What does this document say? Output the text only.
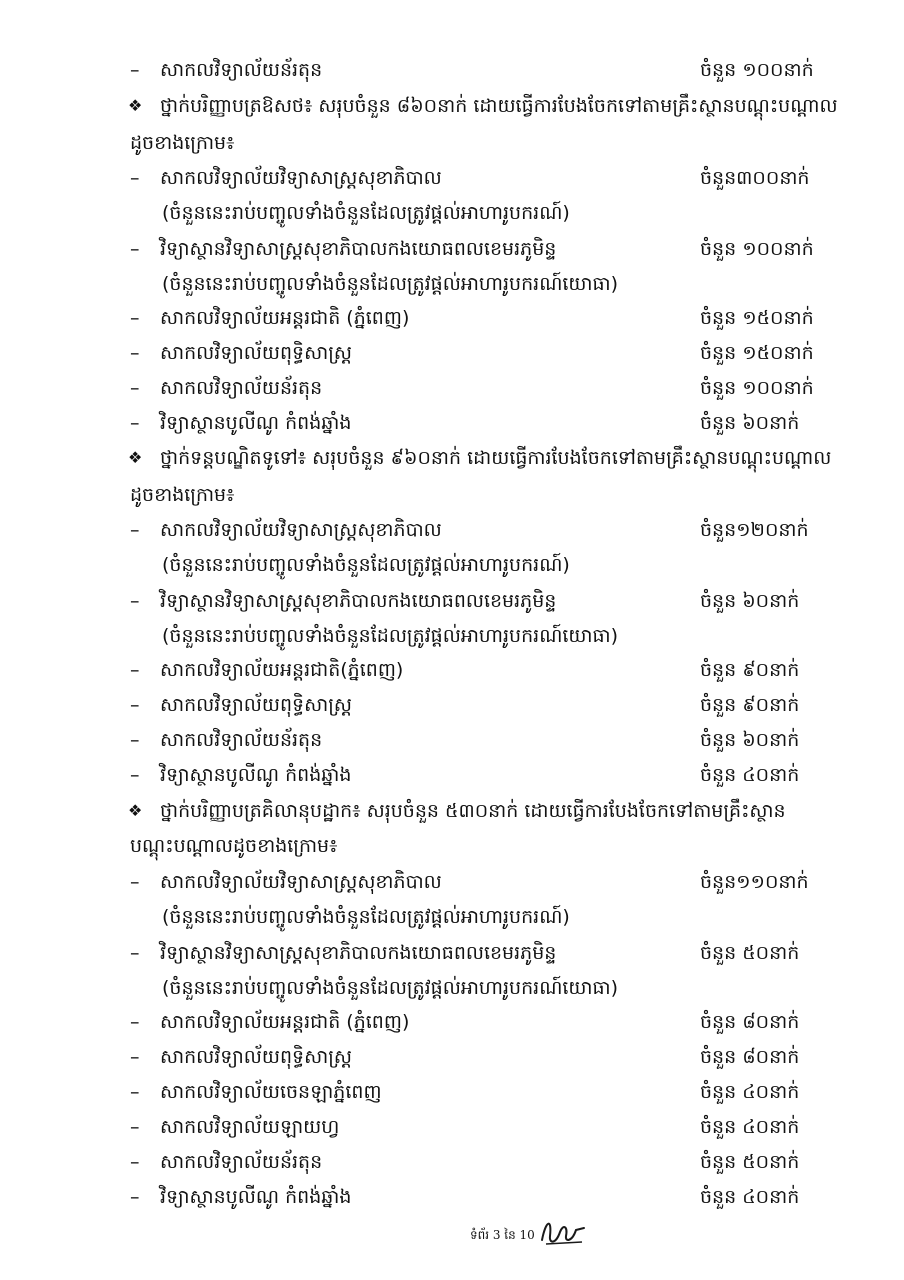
– សាកលវិទ្យាល័យន័រតុន	ចំនួន ១០០នាក់
❖ ថ្នាក់បរិញ្ញាបត្រឱសថ៖ សរុបចំនួន ៨៦០នាក់ ដោយធ្វើការបែងចែកទៅតាមគ្រឹះស្ថានបណ្តុះបណ្តាល
ដូចខាងក្រោម៖
– សាកលវិទ្យាល័យវិទ្យាសាស្ត្រសុខាភិបាល	ចំនួន៣០០នាក់
(ចំនួននេះរាប់បញ្ចូលទាំងចំនួនដែលត្រូវផ្តល់អាហារូបករណ៍)
– វិទ្យាស្ថានវិទ្យាសាស្ត្រសុខាភិបាលកងយោធពលខេមរភូមិន្ទ	ចំនួន ១០០នាក់
(ចំនួននេះរាប់បញ្ចូលទាំងចំនួនដែលត្រូវផ្តល់អាហារូបករណ៍យោធា)
– សាកលវិទ្យាល័យអន្តរជាតិ (ភ្នំពេញ)	ចំនួន ១៥០នាក់
– សាកលវិទ្យាល័យពុទ្ធិសាស្ត្រ	ចំនួន ១៥០នាក់
– សាកលវិទ្យាល័យន័រតុន	ចំនួន ១០០នាក់
– វិទ្យាស្ថានបូលីណូ កំពង់ឆ្នាំង	ចំនួន ៦០នាក់
❖ ថ្នាក់ទន្តបណ្ឌិតទូទៅ៖ សរុបចំនួន ៩៦០នាក់ ដោយធ្វើការបែងចែកទៅតាមគ្រឹះស្ថានបណ្តុះបណ្តាល
ដូចខាងក្រោម៖
– សាកលវិទ្យាល័យវិទ្យាសាស្ត្រសុខាភិបាល	ចំនួន១២០នាក់
(ចំនួននេះរាប់បញ្ចូលទាំងចំនួនដែលត្រូវផ្តល់អាហារូបករណ៍)
– វិទ្យាស្ថានវិទ្យាសាស្ត្រសុខាភិបាលកងយោធពលខេមរភូមិន្ទ	ចំនួន ៦០នាក់
(ចំនួននេះរាប់បញ្ចូលទាំងចំនួនដែលត្រូវផ្តល់អាហារូបករណ៍យោធា)
– សាកលវិទ្យាល័យអន្តរជាតិ(ភ្នំពេញ)	ចំនួន ៩០នាក់
– សាកលវិទ្យាល័យពុទ្ធិសាស្ត្រ	ចំនួន ៩០នាក់
– សាកលវិទ្យាល័យន័រតុន	ចំនួន ៦០នាក់
– វិទ្យាស្ថានបូលីណូ កំពង់ឆ្នាំង	ចំនួន ៤០នាក់
❖ ថ្នាក់បរិញ្ញាបត្រគិលានុបដ្ឋាក៖ សរុបចំនួន ៥៣០នាក់ ដោយធ្វើការបែងចែកទៅតាមគ្រឹះស្ថាន
បណ្តុះបណ្តាលដូចខាងក្រោម៖
– សាកលវិទ្យាល័យវិទ្យាសាស្ត្រសុខាភិបាល	ចំនួន១១០នាក់
(ចំនួននេះរាប់បញ្ចូលទាំងចំនួនដែលត្រូវផ្តល់អាហារូបករណ៍)
– វិទ្យាស្ថានវិទ្យាសាស្ត្រសុខាភិបាលកងយោធពលខេមរភូមិន្ទ	ចំនួន ៥០នាក់
(ចំនួននេះរាប់បញ្ចូលទាំងចំនួនដែលត្រូវផ្តល់អាហារូបករណ៍យោធា)
– សាកលវិទ្យាល័យអន្តរជាតិ (ភ្នំពេញ)	ចំនួន ៨០នាក់
– សាកលវិទ្យាល័យពុទ្ធិសាស្ត្រ	ចំនួន ៨០នាក់
– សាកលវិទ្យាល័យចេនឡាភ្នំពេញ	ចំនួន ៤០នាក់
– សាកលវិទ្យាល័យឡាយហ្វ	ចំនួន ៤០នាក់
– សាកលវិទ្យាល័យន័រតុន	ចំនួន ៥០នាក់
– វិទ្យាស្ថានបូលីណូ កំពង់ឆ្នាំង	ចំនួន ៤០នាក់
ទំព័រ 3 នៃ 10
